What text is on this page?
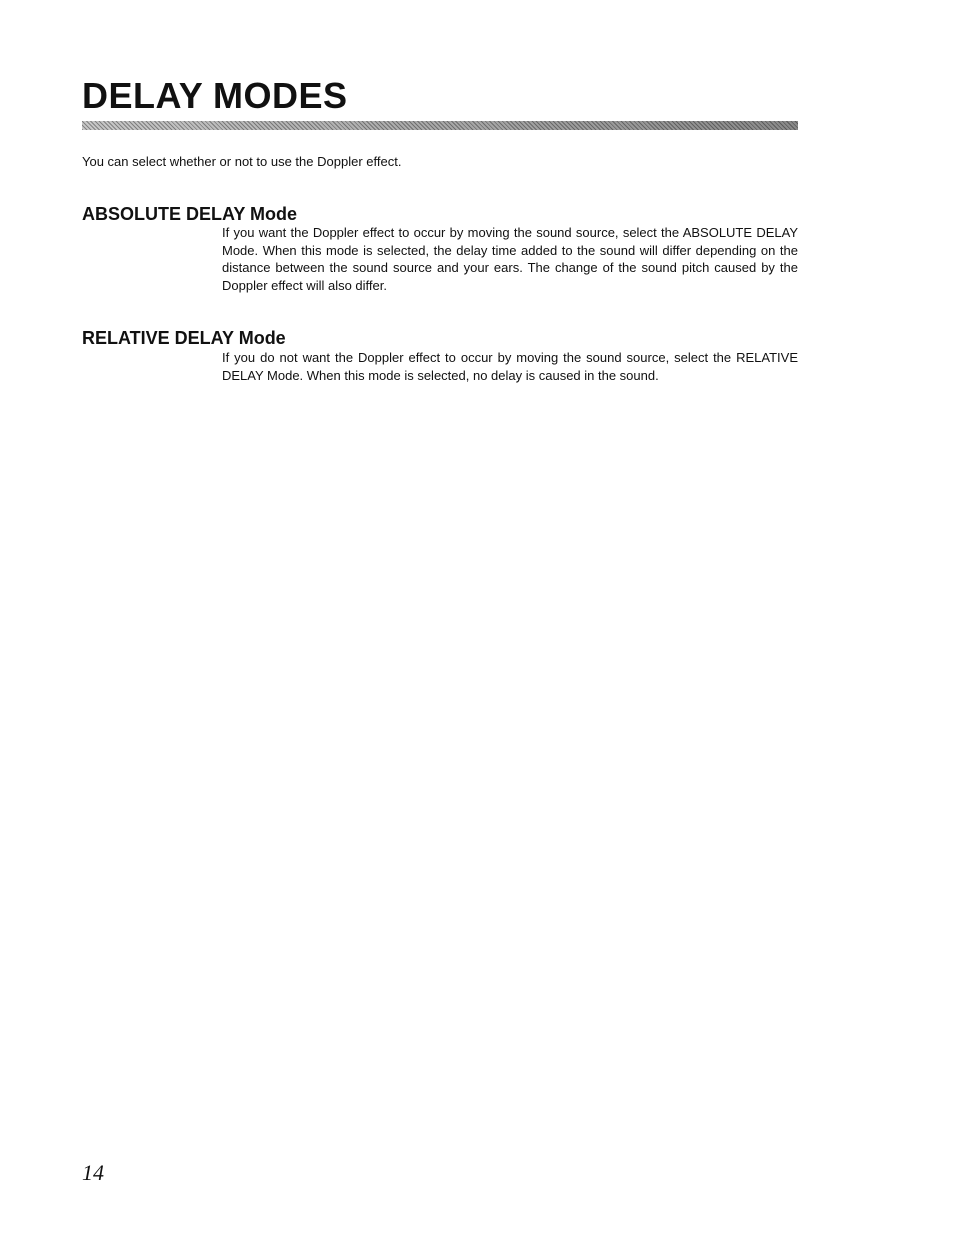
DELAY MODES

You can select whether or not to use the Doppler effect.

ABSOLUTE DELAY Mode

If you want the Doppler effect to occur by moving the sound source, select the ABSOLUTE DELAY Mode. When this mode is selected, the delay time added to the sound will differ depending on the distance between the sound source and your ears. The change of the sound pitch caused by the Doppler effect will also differ.

RELATIVE DELAY Mode

If you do not want the Doppler effect to occur by moving the sound source, select the RELATIVE DELAY Mode. When this mode is selected, no delay is caused in the sound.

14
